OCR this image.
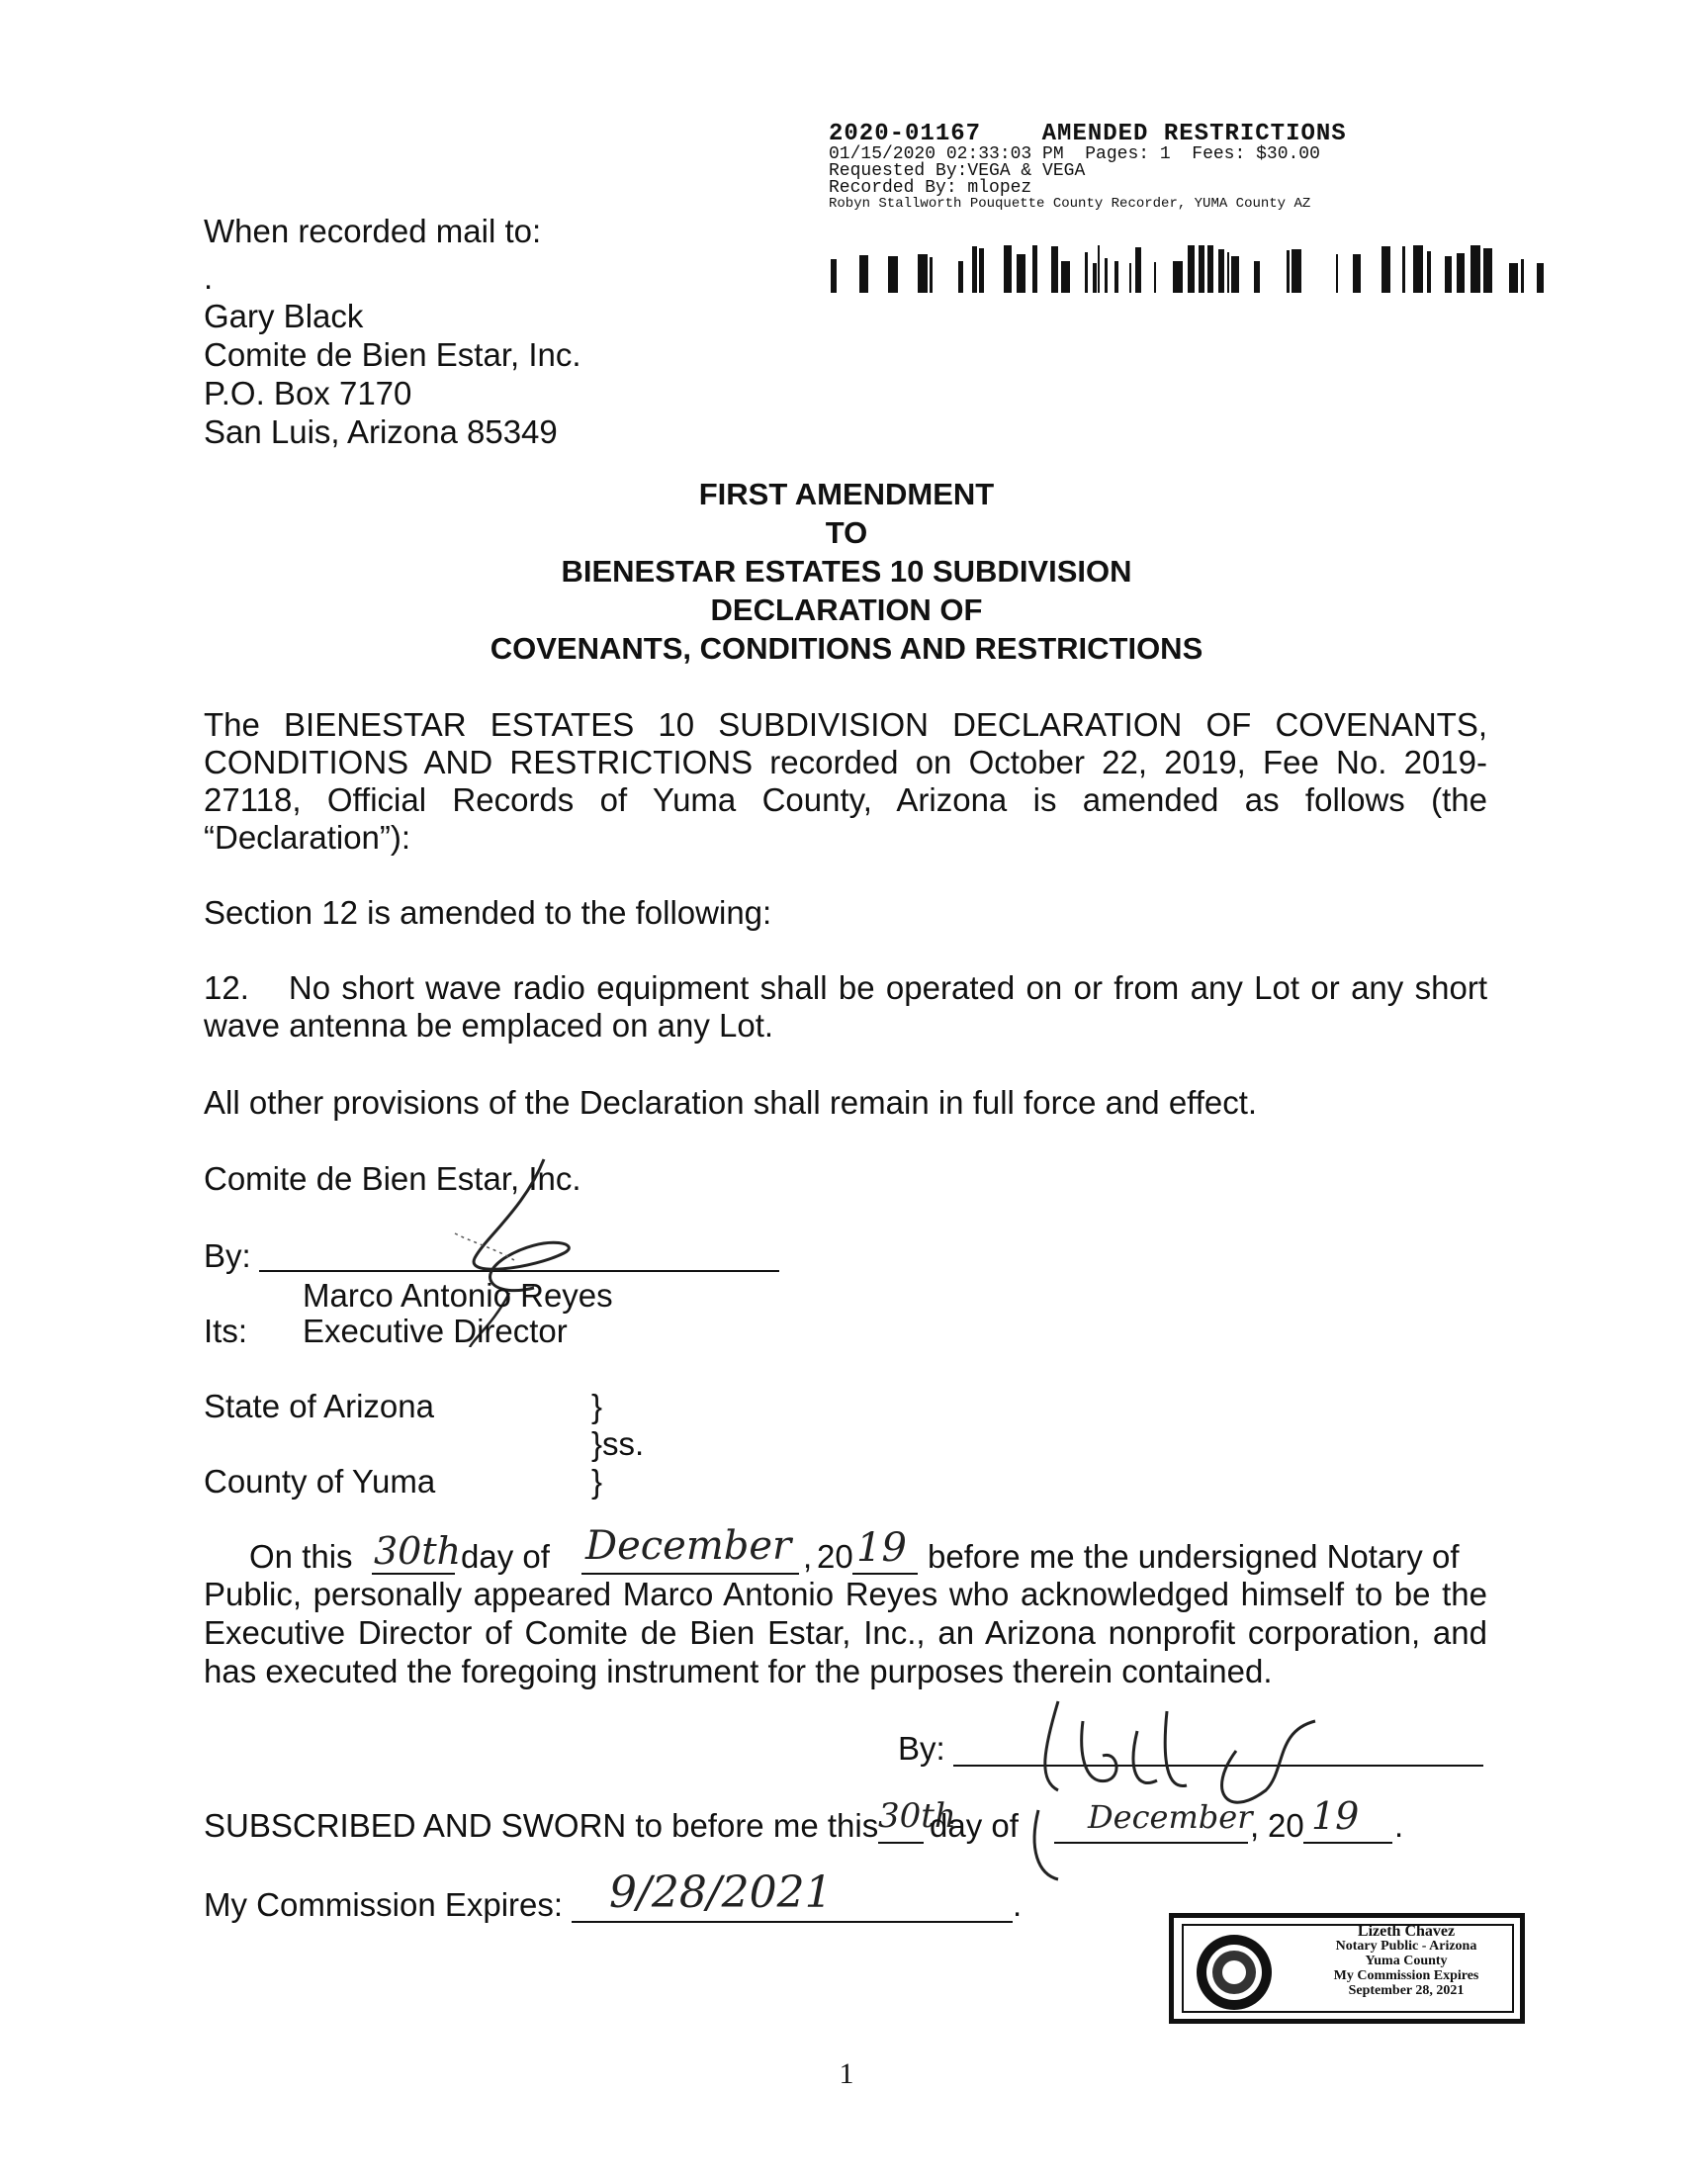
2020-01167	AMENDED RESTRICTIONS
01/15/2020 02:33:03 PM Pages: 1 Fees: $30.00
Requested By:VEGA & VEGA
Recorded By: mlopez
Robyn Stallworth Pouquette County Recorder, YUMA County AZ
When recorded mail to:
.
Gary Black
Comite de Bien Estar, Inc.
P.O. Box 7170
San Luis, Arizona 85349
FIRST AMENDMENT
TO
BIENESTAR ESTATES 10 SUBDIVISION
DECLARATION OF
COVENANTS, CONDITIONS AND RESTRICTIONS
The BIENESTAR ESTATES 10 SUBDIVISION DECLARATION OF COVENANTS, CONDITIONS AND RESTRICTIONS recorded on October 22, 2019, Fee No. 2019-27118, Official Records of Yuma County, Arizona is amended as follows (the “Declaration”):
Section 12 is amended to the following:
12. No short wave radio equipment shall be operated on or from any Lot or any short wave antenna be emplaced on any Lot.
All other provisions of the Declaration shall remain in full force and effect.
Comite de Bien Estar, Inc.
By:
Marco Antonio Reyes
Its: Executive Director
State of Arizona	}
}ss.
County of Yuma	}
On this 30th day of December , 20 19 before me the undersigned Notary of
Public, personally appeared Marco Antonio Reyes who acknowledged himself to be the Executive Director of Comite de Bien Estar, Inc., an Arizona nonprofit corporation, and has executed the foregoing instrument for the purposes therein contained.
By:
SUBSCRIBED AND SWORN to before me this 30th
day of December
, 20 19 .
My Commission Expires: 9/28/2021	.
Lizeth Chavez
Notary Public - Arizona
Yuma County
My Commission Expires
September 28, 2021
1
